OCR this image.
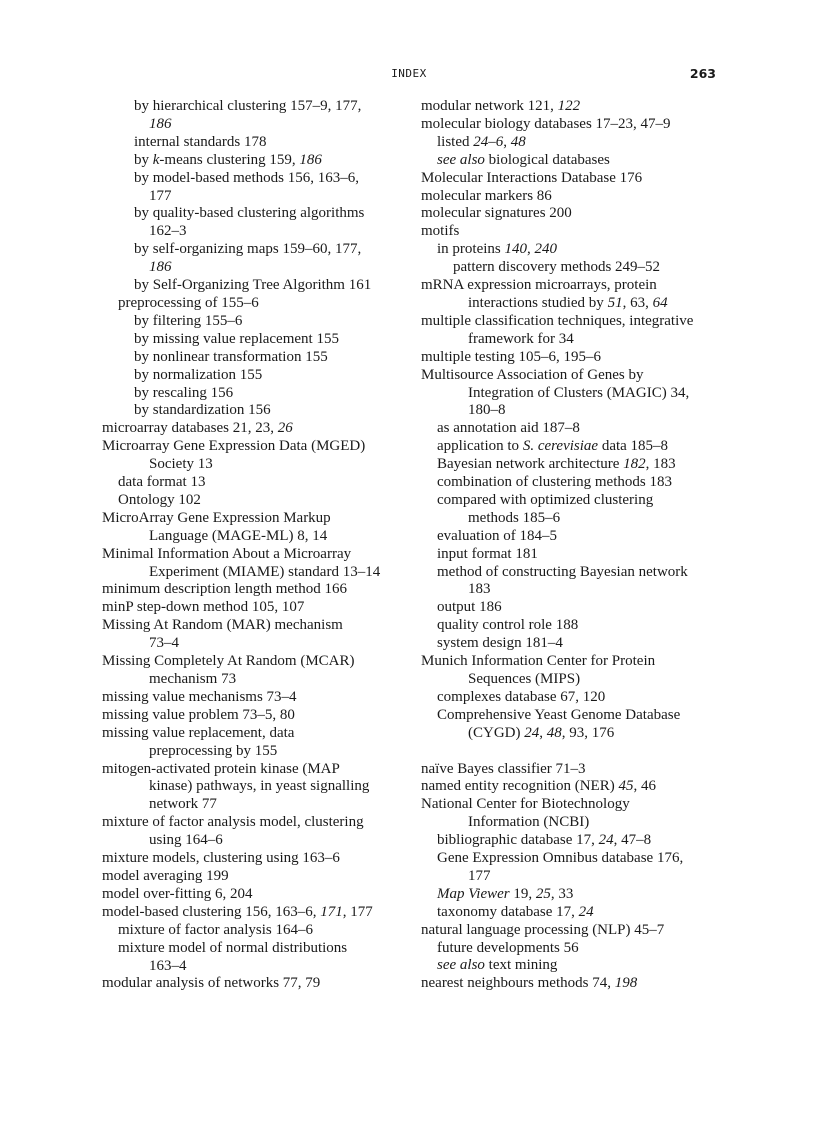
INDEX	263
by hierarchical clustering 157–9, 177,
186
internal standards 178
by k-means clustering 159, 186
by model-based methods 156, 163–6,
177
by quality-based clustering algorithms
162–3
by self-organizing maps 159–60, 177,
186
by Self-Organizing Tree Algorithm 161
preprocessing of 155–6
by filtering 155–6
by missing value replacement 155
by nonlinear transformation 155
by normalization 155
by rescaling 156
by standardization 156
microarray databases 21, 23, 26
Microarray Gene Expression Data (MGED)
Society 13
data format 13
Ontology 102
MicroArray Gene Expression Markup
Language (MAGE-ML) 8, 14
Minimal Information About a Microarray
Experiment (MIAME) standard 13–14
minimum description length method 166
minP step-down method 105, 107
Missing At Random (MAR) mechanism
73–4
Missing Completely At Random (MCAR)
mechanism 73
missing value mechanisms 73–4
missing value problem 73–5, 80
missing value replacement, data
preprocessing by 155
mitogen-activated protein kinase (MAP
kinase) pathways, in yeast signalling
network 77
mixture of factor analysis model, clustering
using 164–6
mixture models, clustering using 163–6
model averaging 199
model over-fitting 6, 204
model-based clustering 156, 163–6, 171, 177
mixture of factor analysis 164–6
mixture model of normal distributions
163–4
modular analysis of networks 77, 79
modular network 121, 122
molecular biology databases 17–23, 47–9
listed 24–6, 48
see also biological databases
Molecular Interactions Database 176
molecular markers 86
molecular signatures 200
motifs
in proteins 140, 240
pattern discovery methods 249–52
mRNA expression microarrays, protein
interactions studied by 51, 63, 64
multiple classification techniques, integrative
framework for 34
multiple testing 105–6, 195–6
Multisource Association of Genes by
Integration of Clusters (MAGIC) 34,
180–8
as annotation aid 187–8
application to S. cerevisiae data 185–8
Bayesian network architecture 182, 183
combination of clustering methods 183
compared with optimized clustering
methods 185–6
evaluation of 184–5
input format 181
method of constructing Bayesian network
183
output 186
quality control role 188
system design 181–4
Munich Information Center for Protein
Sequences (MIPS)
complexes database 67, 120
Comprehensive Yeast Genome Database
(CYGD) 24, 48, 93, 176
naïve Bayes classifier 71–3
named entity recognition (NER) 45, 46
National Center for Biotechnology
Information (NCBI)
bibliographic database 17, 24, 47–8
Gene Expression Omnibus database 176,
177
Map Viewer 19, 25, 33
taxonomy database 17, 24
natural language processing (NLP) 45–7
future developments 56
see also text mining
nearest neighbours methods 74, 198
